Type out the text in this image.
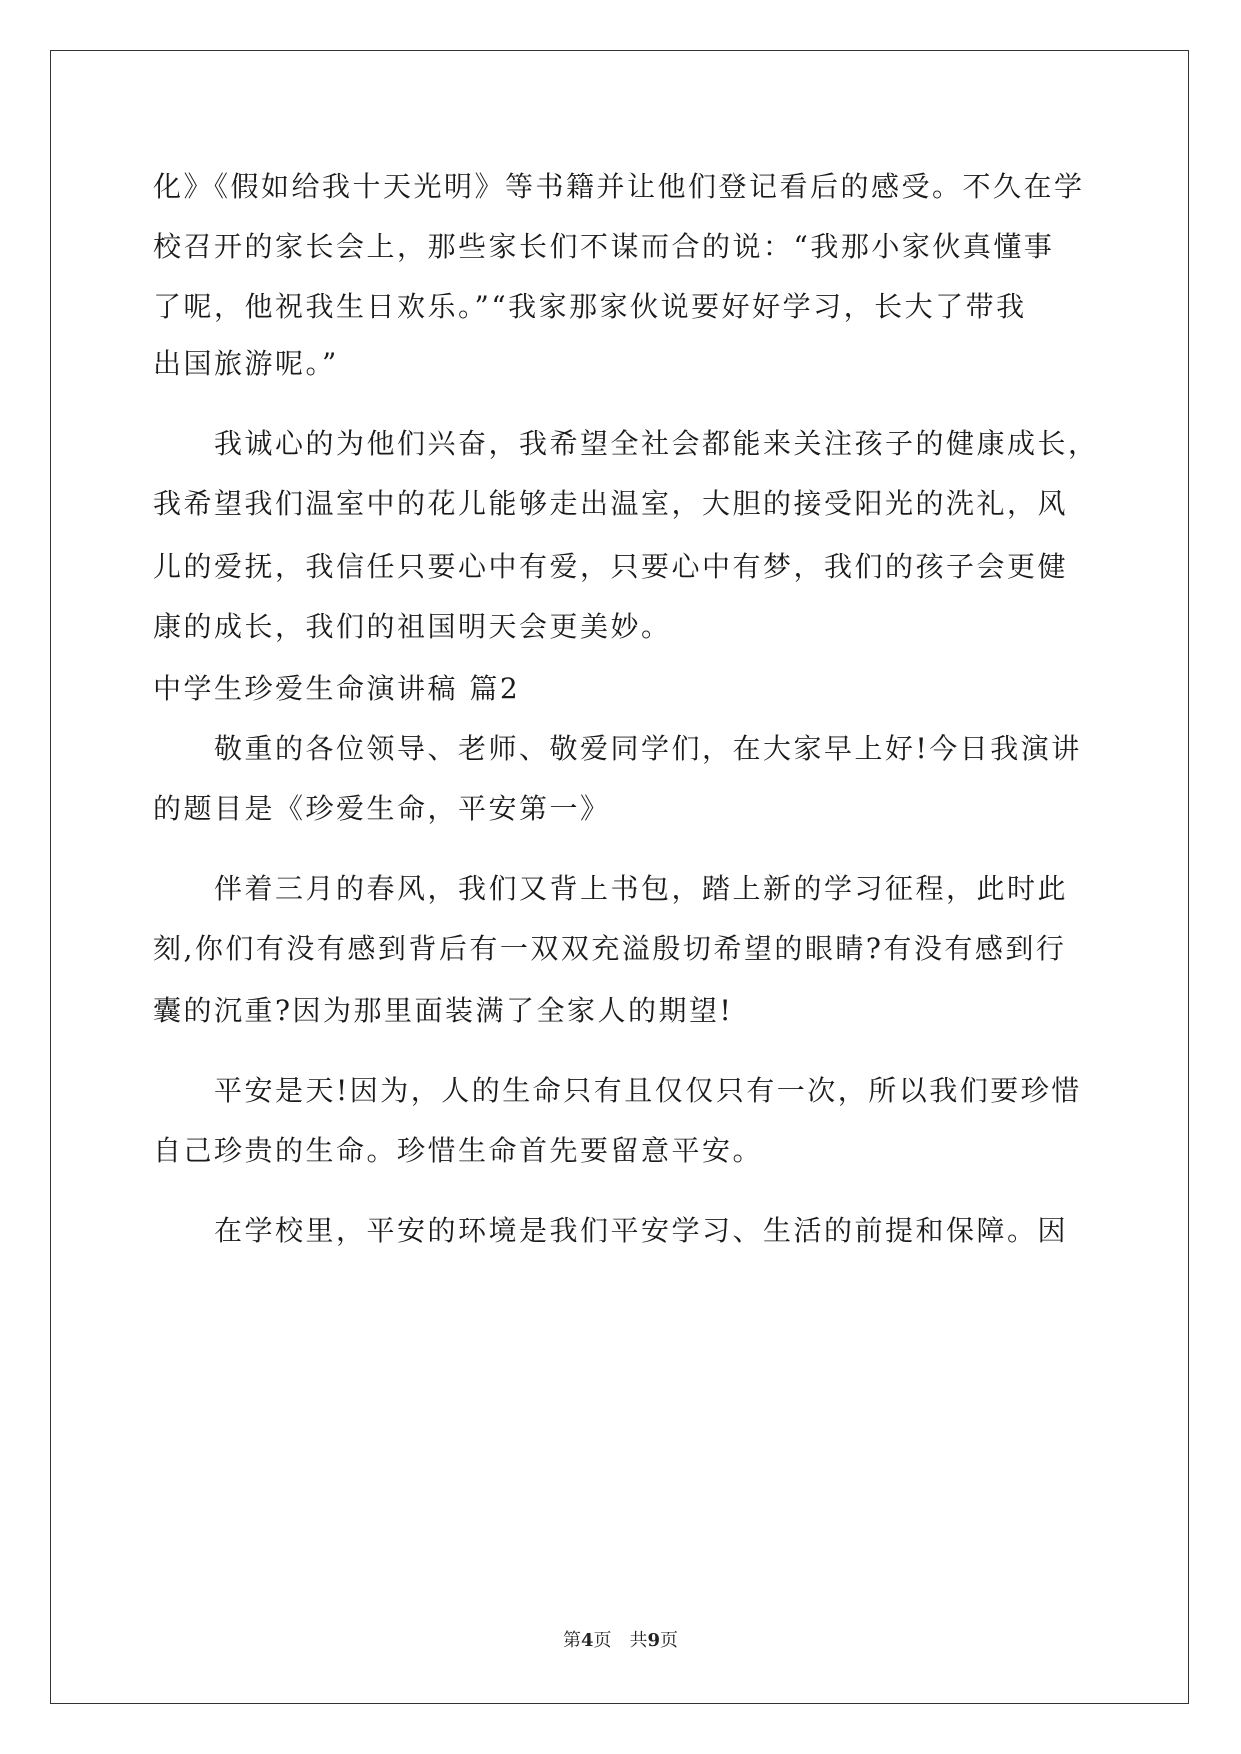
化》《假如给我十天光明》等书籍并让他们登记看后的感受。不久在学
校召开的家长会上，那些家长们不谋而合的说：“我那小家伙真懂事
了呢，他祝我生日欢乐。”“我家那家伙说要好好学习，长大了带我
出国旅游呢。”
我诚心的为他们兴奋，我希望全社会都能来关注孩子的健康成长，
我希望我们温室中的花儿能够走出温室，大胆的接受阳光的洗礼，风
儿的爱抚，我信任只要心中有爱，只要心中有梦，我们的孩子会更健
康的成长，我们的祖国明天会更美妙。
中学生珍爱生命演讲稿 篇2
敬重的各位领导、老师、敬爱同学们，在大家早上好!今日我演讲
的题目是《珍爱生命，平安第一》
伴着三月的春风，我们又背上书包，踏上新的学习征程，此时此
刻,你们有没有感到背后有一双双充溢殷切希望的眼睛?有没有感到行
囊的沉重?因为那里面装满了全家人的期望!
平安是天!因为，人的生命只有且仅仅只有一次，所以我们要珍惜
自己珍贵的生命。珍惜生命首先要留意平安。
在学校里，平安的环境是我们平安学习、生活的前提和保障。因
第4页　共9页
